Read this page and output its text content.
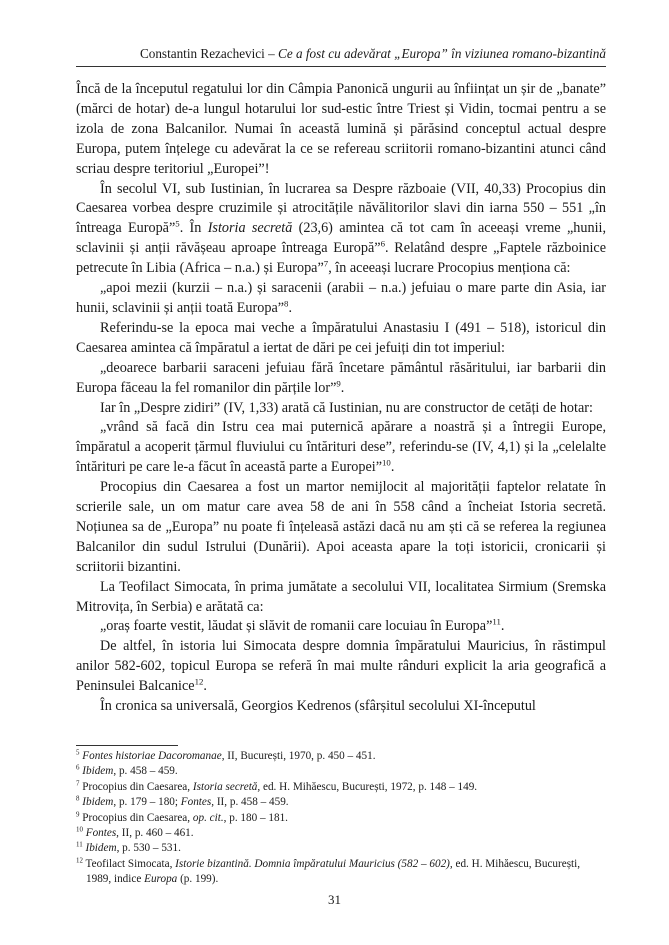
Constantin Rezachevici – Ce a fost cu adevărat „Europa” în viziunea romano-bizantină

Încă de la începutul regatului lor din Câmpia Panonică ungurii au înființat un șir de „banate” (mărci de hotar) de-a lungul hotarului lor sud-estic între Triest și Vidin, tocmai pentru a se izola de zona Balcanilor. Numai în această lumină și părăsind conceptul actual despre Europa, putem înțelege cu adevărat la ce se refereau scriitorii romano-bizantini atunci când scriau despre teritoriul „Europei”!

În secolul VI, sub Iustinian, în lucrarea sa Despre războaie (VII, 40,33) Procopius din Caesarea vorbea despre cruzimile și atrocitățile năvălitorilor slavi din iarna 550 – 551 „în întreaga Europă”$^5$. În Istoria secretă (23,6) amintea că tot cam în aceeași vreme „hunii, sclavinii și anții răvășeau aproape întreaga Europă”$^6$. Relatând despre „Faptele războinice petrecute în Libia (Africa – n.a.) și Europa”$^7$, în aceeași lucrare Procopius menționa că:

„apoi mezii (kurzii – n.a.) și saracenii (arabii – n.a.) jefuiau o mare parte din Asia, iar hunii, sclavinii și anții toată Europa”$^8$.

Referindu-se la epoca mai veche a împăratului Anastasiu I (491 – 518), istoricul din Caesarea amintea că împăratul a iertat de dări pe cei jefuiți din tot imperiul:

„deoarece barbarii saraceni jefuiau fără încetare pământul răsăritului, iar barbarii din Europa făceau la fel romanilor din părțile lor”$^9$.

Iar în „Despre zidiri” (IV, 1,33) arată că Iustinian, nu are constructor de cetăți de hotar:

„vrând să facă din Istru cea mai puternică apărare a noastră și a întregii Europe, împăratul a acoperit țărmul fluviului cu întărituri dese”, referindu-se (IV, 4,1) și la „celelalte întărituri pe care le-a făcut în această parte a Europei”$^{10}$.

Procopius din Caesarea a fost un martor nemijlocit al majorității faptelor relatate în scrierile sale, un om matur care avea 58 de ani în 558 când a încheiat Istoria secretă. Noțiunea sa de „Europa” nu poate fi înțeleasă astăzi dacă nu am ști că se referea la regiunea Balcanilor din sudul Istrului (Dunării). Apoi aceasta apare la toți istoricii, cronicarii și scriitorii bizantini.

La Teofilact Simocata, în prima jumătate a secolului VII, localitatea Sirmium (Sremska Mitrovița, în Serbia) e arătată ca:

„oraș foarte vestit, lăudat și slăvit de romanii care locuiau în Europa”$^{11}$.

De altfel, în istoria lui Simocata despre domnia împăratului Mauricius, în răstimpul anilor 582-602, topicul Europa se referă în mai multe rânduri explicit la aria geografică a Peninsulei Balcanice$^{12}$.

În cronica sa universală, Georgios Kedrenos (sfârșitul secolului XI-începutul

$^5$ Fontes historiae Dacoromanae, II, București, 1970, p. 450 – 451.

$^6$ Ibidem, p. 458 – 459.

$^7$ Procopius din Caesarea, Istoria secretă, ed. H. Mihăescu, București, 1972, p. 148 – 149.

$^8$ Ibidem, p. 179 – 180; Fontes, II, p. 458 – 459.

$^9$ Procopius din Caesarea, op. cit., p. 180 – 181.

$^{10}$ Fontes, II, p. 460 – 461.

$^{11}$ Ibidem, p. 530 – 531.

$^{12}$ Teofilact Simocata, Istorie bizantină. Domnia împăratului Mauricius (582 – 602), ed. H. Mihăescu, București, 1989, indice Europa (p. 199).

31
